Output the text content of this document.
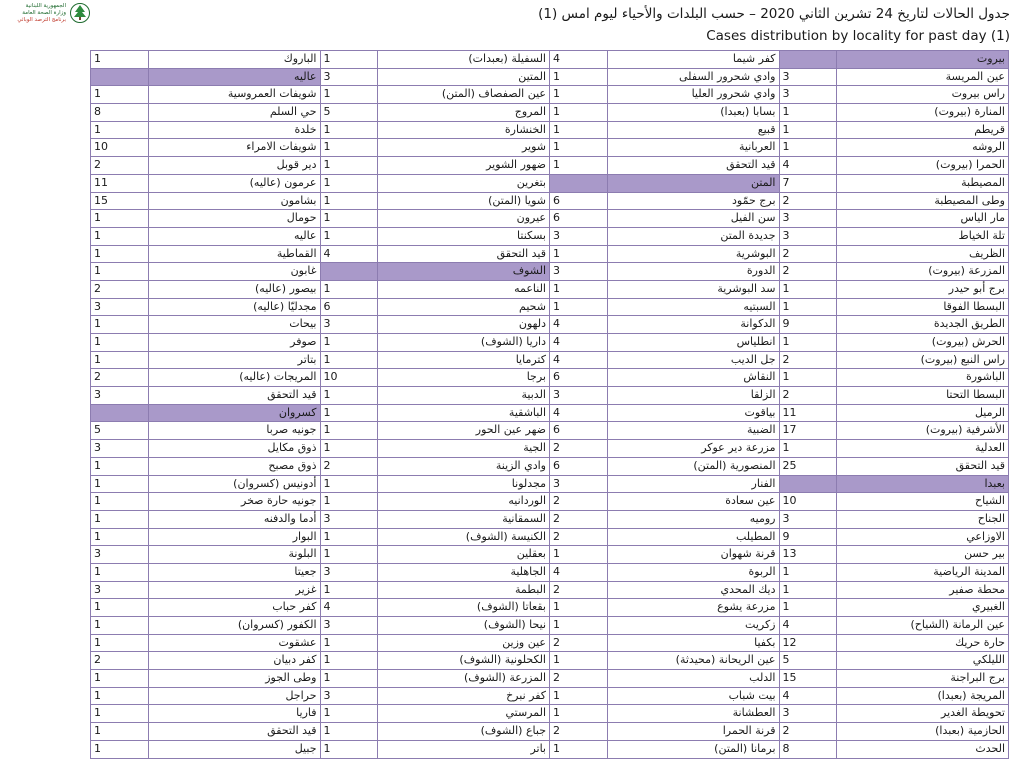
الجمهورية اللبنانية
وزارة الصحة العامة
برنامج الترصد الوبائي	جدول الحالات لتاريخ 24 تشرين الثاني 2020 – حسب البلدات والأحياء ليوم امس (1)
Cases distribution by locality for past day (1)
بيروت
كفر شيما
4
السفيلة (بعبدات)
1
الباروك
1
عين المريسة
3
وادي شحرور السفلى
1
المتين
3
عاليه
راس بيروت
3
وادي شحرور العليا
1
عين الصفصاف (المتن)
1
شويفات العمروسية
1
المنارة (بيروت)
1
بسابا (بعبدا)
1
المروج
5
حي السلم
8
قريطم
1
قبيع
1
الخنشارة
1
خلدة
1
الروشه
1
العربانية
1
شوير
1
شويفات الامراء
10
الحمرا (بيروت)
4
قيد التحقق
1
ضهور الشوير
1
دير قوبل
2
المصيطبة
7
المتن
بتغرين
1
عرمون (عاليه)
11
وطى المصيطبة
2
برج حمّود
6
شويا (المتن)
1
بشامون
15
مار الياس
3
سن الفيل
6
عيرون
1
حومال
1
تلة الخياط
3
جديدة المتن
3
بسكنتا
1
عاليه
1
الظريف
2
البوشرية
1
قيد التحقق
4
القماطية
1
المزرعة (بيروت)
2
الدورة
3
الشوف
غابون
1
برج أبو حيدر
1
سد البوشرية
1
الناعمه
1
بيصور (عاليه)
2
البسطا الفوقا
1
السبتيه
1
شحيم
6
مجدليّا (عاليه)
3
الطريق الجديدة
9
الدكوانة
4
دلهون
3
بيحات
1
الحرش (بيروت)
1
انطلياس
4
داريا (الشوف)
1
صوفر
1
راس النبع (بيروت)
2
جل الديب
4
كترمايا
1
بتاتر
1
الباشورة
1
النقاش
6
برجا
10
المريجات (عاليه)
2
البسطا التحتا
2
الزلقا
3
الدبية
1
قيد التحقق
3
الرميل
11
بياقوت
4
الباشقية
1
كسروان
الأشرفية (بيروت)
17
الضبية
6
ضهر عين الحور
1
جونيه صربا
5
العدلية
1
مزرعة دير عوكر
2
الجية
1
ذوق مكايل
3
قيد التحقق
25
المنصورية (المتن)
6
وادي الزينة
2
ذوق مصبح
1
بعبدا
الفنار
3
مجدلونا
1
أدونيس (كسروان)
1
الشياح
10
عين سعادة
2
الوردانيه
1
جونيه حارة صخر
1
الجناح
3
روميه
2
السمقانية
3
أدما والدفنه
1
الاوزاعي
9
المطيلب
2
الكنيسة (الشوف)
1
البوار
1
بير حسن
13
قرنة شهوان
1
بعقلين
1
البلونة
3
المدينة الرياضية
1
الربوة
4
الجاهلية
3
جعيتا
1
محطة صفير
1
ديك المحدي
2
البطمة
1
غزير
3
الغبيري
1
مزرعة يشوع
1
بقعاتا (الشوف)
4
كفر حباب
1
عين الرمانة (الشياح)
4
زكريت
1
نيحا (الشوف)
3
الكفور (كسروان)
1
حارة حريك
12
بكفيا
2
عين وزين
1
عشقوت
1
الليلكي
5
عين الريحانة (محيدثة)
1
الكحلونية (الشوف)
1
كفر دبيان
2
برج البراجنة
15
الدلب
2
المزرعة (الشوف)
1
وطى الجوز
1
المريجة (بعبدا)
4
بيت شباب
1
كفر نبرخ
3
حراجل
1
تحويطة الغدير
3
العطشانة
1
المرستي
1
فاريا
1
الحازمية (بعبدا)
2
قرنة الحمرا
2
جباع (الشوف)
1
قيد التحقق
1
الحدث
8
برمانا (المتن)
1
باتر
1
جبيل
1
